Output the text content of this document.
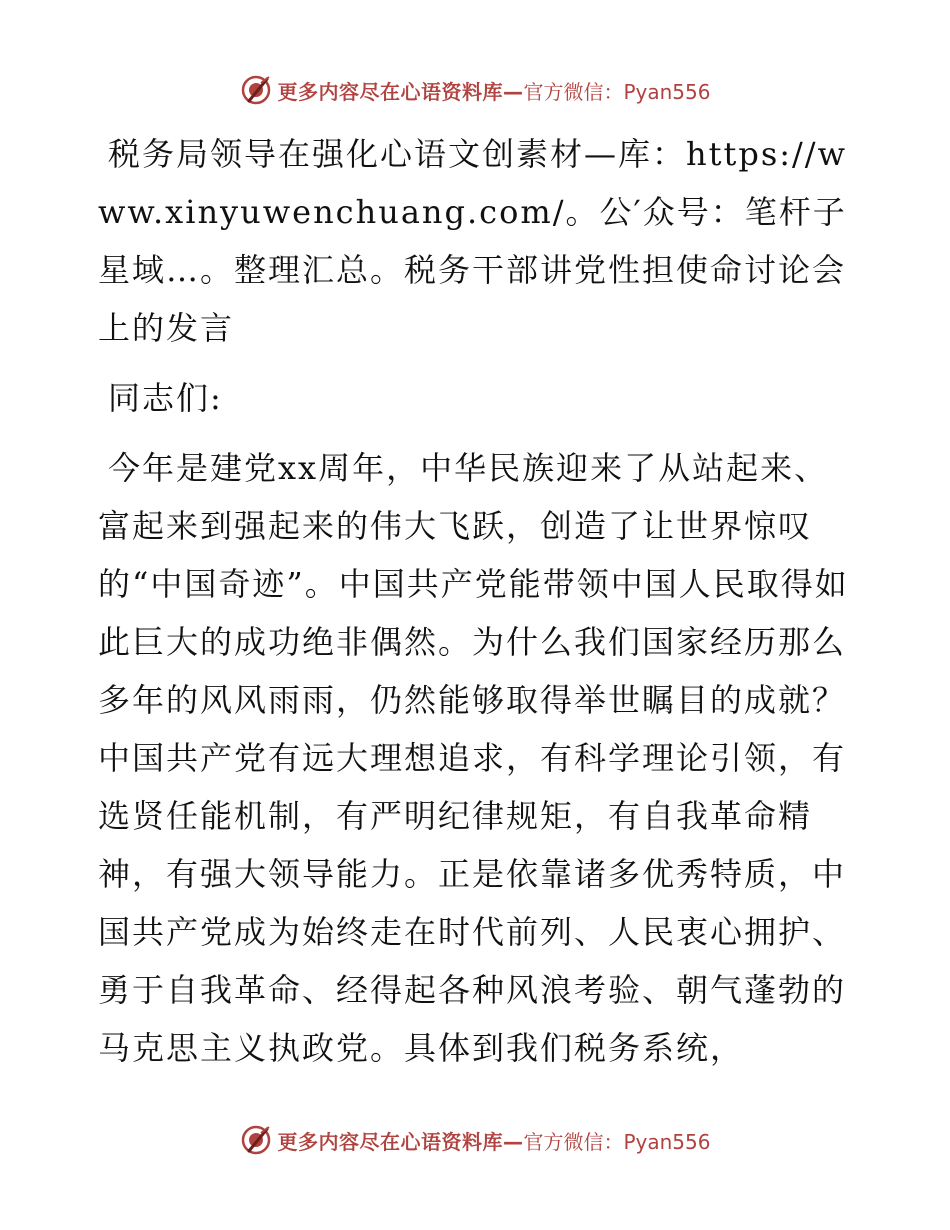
更多内容尽在心语资料库— 官方微信：Pyan556

税务局领导在强化心语文创素材—库：https://www.xinyuwenchuang.com/。公′众号：笔杆子星域…。整理汇总。税务干部讲党性担使命讨论会上的发言

同志们:

今年是建党xx周年，中华民族迎来了从站起来、富起来到强起来的伟大飞跃，创造了让世界惊叹的“中国奇迹”。中国共产党能带领中国人民取得如此巨大的成功绝非偶然。为什么我们国家经历那么多年的风风雨雨，仍然能够取得举世瞩目的成就？中国共产党有远大理想追求，有科学理论引领，有选贤任能机制，有严明纪律规矩，有自我革命精神，有强大领导能力。正是依靠诸多优秀特质，中国共产党成为始终走在时代前列、人民衷心拥护、勇于自我革命、经得起各种风浪考验、朝气蓬勃的马克思主义执政党。具体到我们税务系统，

更多内容尽在心语资料库— 官方微信：Pyan556
